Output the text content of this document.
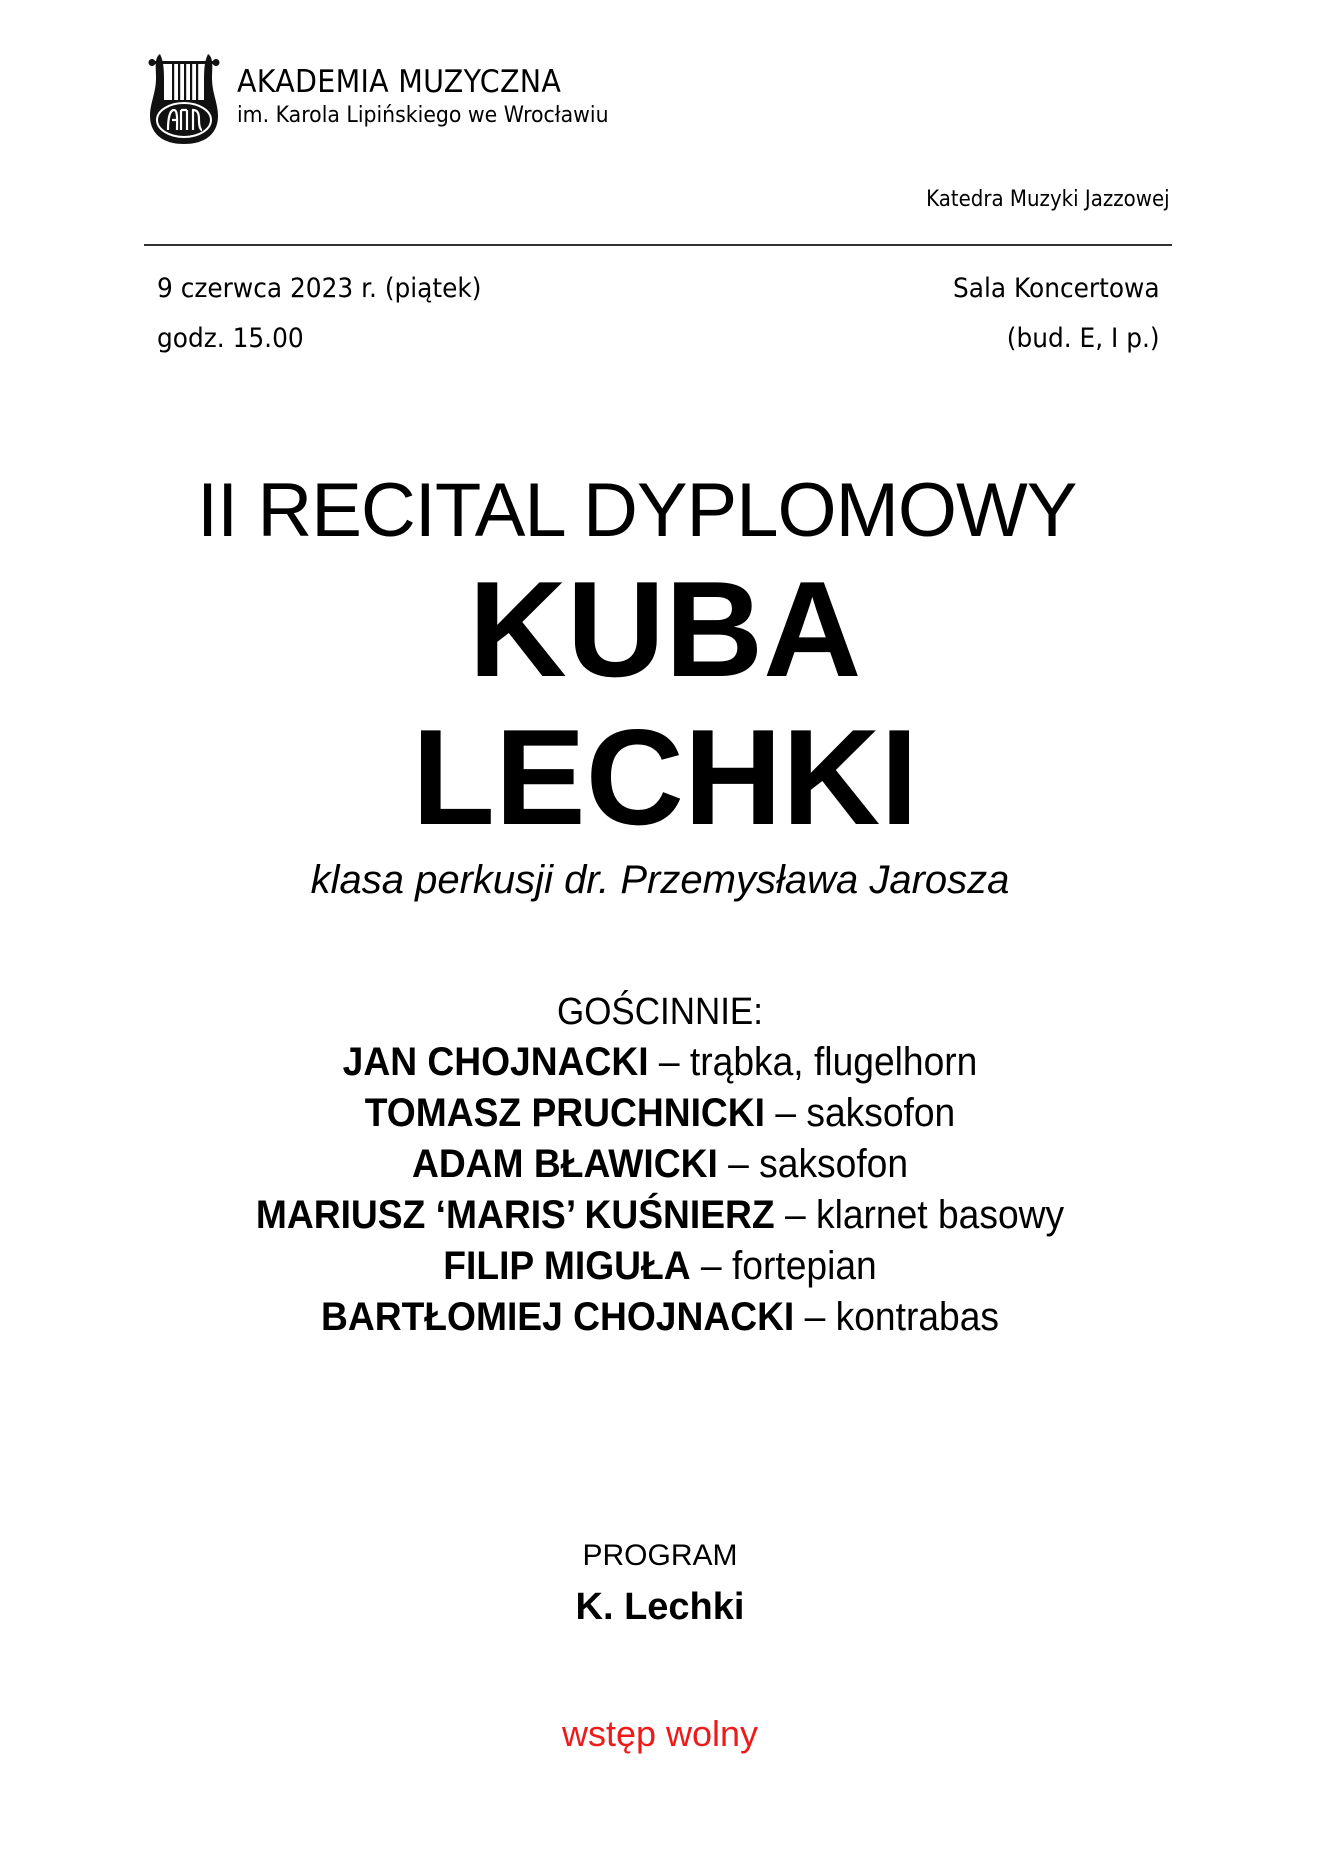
AKADEMIA MUZYCZNA
im. Karola Lipińskiego we Wrocławiu
Katedra Muzyki Jazzowej
9 czerwca 2023 r. (piątek)
godz. 15.00
Sala Koncertowa
(bud. E, I p.)
II RECITAL DYPLOMOWY
KUBA
LECHKI
klasa perkusji dr. Przemysława Jarosza
GOŚCINNIE:
JAN CHOJNACKI – trąbka, flugelhorn
TOMASZ PRUCHNICKI – saksofon
ADAM BŁAWICKI – saksofon
MARIUSZ ‘MARIS’ KUŚNIERZ – klarnet basowy
FILIP MIGUŁA – fortepian
BARTŁOMIEJ CHOJNACKI – kontrabas
PROGRAM
K. Lechki
wstęp wolny
